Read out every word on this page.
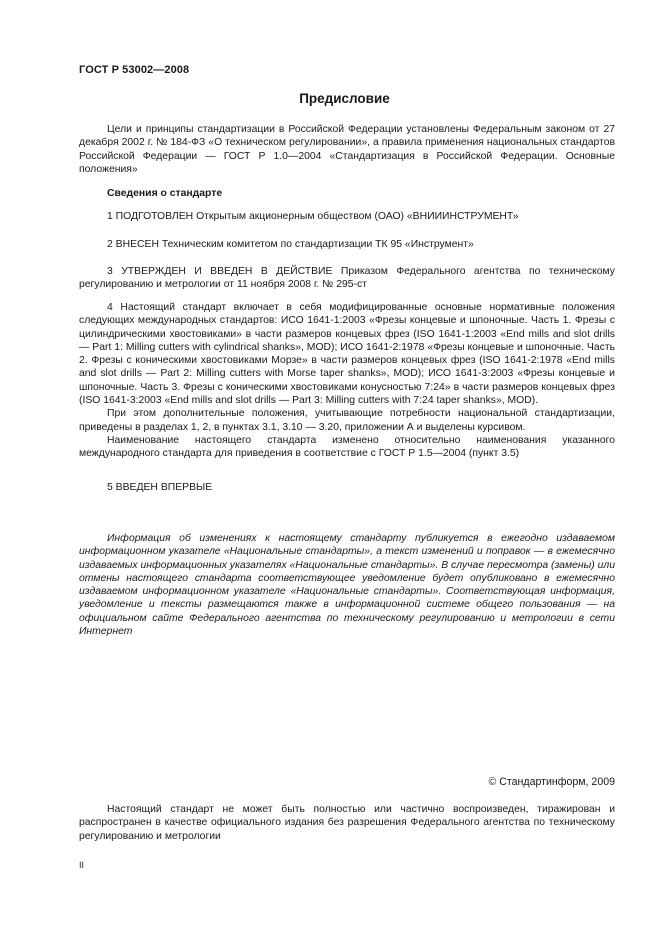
ГОСТ Р 53002—2008
Предисловие

Цели и принципы стандартизации в Российской Федерации установлены Федеральным законом от 27 декабря 2002 г. № 184-ФЗ «О техническом регулировании», а правила применения национальных стандартов Российской Федерации — ГОСТ Р 1.0—2004 «Стандартизация в Российской Федерации. Основные положения»

Сведения о стандарте

1 ПОДГОТОВЛЕН Открытым акционерным обществом (ОАО) «ВНИИИНСТРУМЕНТ»

2 ВНЕСЕН Техническим комитетом по стандартизации ТК 95 «Инструмент»

3 УТВЕРЖДЕН И ВВЕДЕН В ДЕЙСТВИЕ Приказом Федерального агентства по техническому регулированию и метрологии от 11 ноября 2008 г. № 295-ст

4 Настоящий стандарт включает в себя модифицированные основные нормативные положения следующих международных стандартов: ИСО 1641-1:2003 «Фрезы концевые и шпоночные. Часть 1. Фрезы с цилиндрическими хвостовиками» в части размеров концевых фрез (ISO 1641-1:2003 «End mills and slot drills — Part 1: Milling cutters with cylindrical shanks», MOD); ИСО 1641-2:1978 «Фрезы концевые и шпоночные. Часть 2. Фрезы с коническими хвостовиками Морзе» в части размеров концевых фрез (ISO 1641-2:1978 «End mills and slot drills — Part 2: Milling cutters with Morse taper shanks», MOD); ИСО 1641-3:2003 «Фрезы концевые и шпоночные. Часть 3. Фрезы с коническими хвостовиками конусностью 7:24» в части размеров концевых фрез (ISO 1641-3:2003 «End mills and slot drills — Part 3: Milling cutters with 7:24 taper shanks», MOD).

При этом дополнительные положения, учитывающие потребности национальной стандартизации, приведены в разделах 1, 2, в пунктах 3.1, 3.10 — 3.20, приложении А и выделены курсивом.

Наименование настоящего стандарта изменено относительно наименования указанного международного стандарта для приведения в соответствие с ГОСТ Р 1.5—2004 (пункт 3.5)

5 ВВЕДЕН ВПЕРВЫЕ

Информация об изменениях к настоящему стандарту публикуется в ежегодно издаваемом информационном указателе «Национальные стандарты», а текст изменений и поправок — в ежемесячно издаваемых информационных указателях «Национальные стандарты». В случае пересмотра (замены) или отмены настоящего стандарта соответствующее уведомление будет опубликовано в ежемесячно издаваемом информационном указателе «Национальные стандарты». Соответствующая информация, уведомление и тексты размещаются также в информационной системе общего пользования — на официальном сайте Федерального агентства по техническому регулированию и метрологии в сети Интернет

© Стандартинформ, 2009

Настоящий стандарт не может быть полностью или частично воспроизведен, тиражирован и распространен в качестве официального издания без разрешения Федерального агентства по техническому регулированию и метрологии

II
